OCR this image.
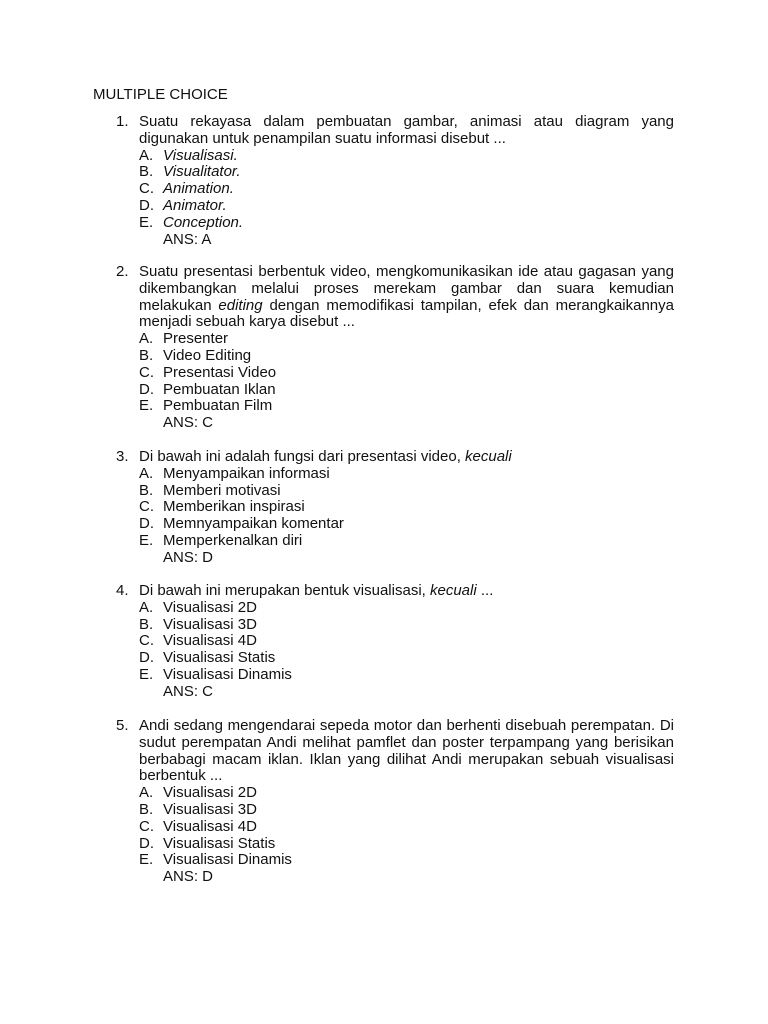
MULTIPLE CHOICE
1. Suatu rekayasa dalam pembuatan gambar, animasi atau diagram yang digunakan untuk penampilan suatu informasi disebut ...
A. Visualisasi.
B. Visualitator.
C. Animation.
D. Animator.
E. Conception.
ANS: A
2. Suatu presentasi berbentuk video, mengkomunikasikan ide atau gagasan yang dikembangkan melalui proses merekam gambar dan suara kemudian melakukan editing dengan memodifikasi tampilan, efek dan merangkaikannya menjadi sebuah karya disebut ...
A. Presenter
B. Video Editing
C. Presentasi Video
D. Pembuatan Iklan
E. Pembuatan Film
ANS: C
3. Di bawah ini adalah fungsi dari presentasi video, kecuali
A. Menyampaikan informasi
B. Memberi motivasi
C. Memberikan inspirasi
D. Memnyampaikan komentar
E. Memperkenalkan diri
ANS: D
4. Di bawah ini merupakan bentuk visualisasi, kecuali ...
A. Visualisasi 2D
B. Visualisasi 3D
C. Visualisasi 4D
D. Visualisasi Statis
E. Visualisasi Dinamis
ANS: C
5. Andi sedang mengendarai sepeda motor dan berhenti disebuah perempatan. Di sudut perempatan Andi melihat pamflet dan poster terpampang yang berisikan berbabagi macam iklan. Iklan yang dilihat Andi merupakan sebuah visualisasi berbentuk ...
A. Visualisasi 2D
B. Visualisasi 3D
C. Visualisasi 4D
D. Visualisasi Statis
E. Visualisasi Dinamis
ANS: D
